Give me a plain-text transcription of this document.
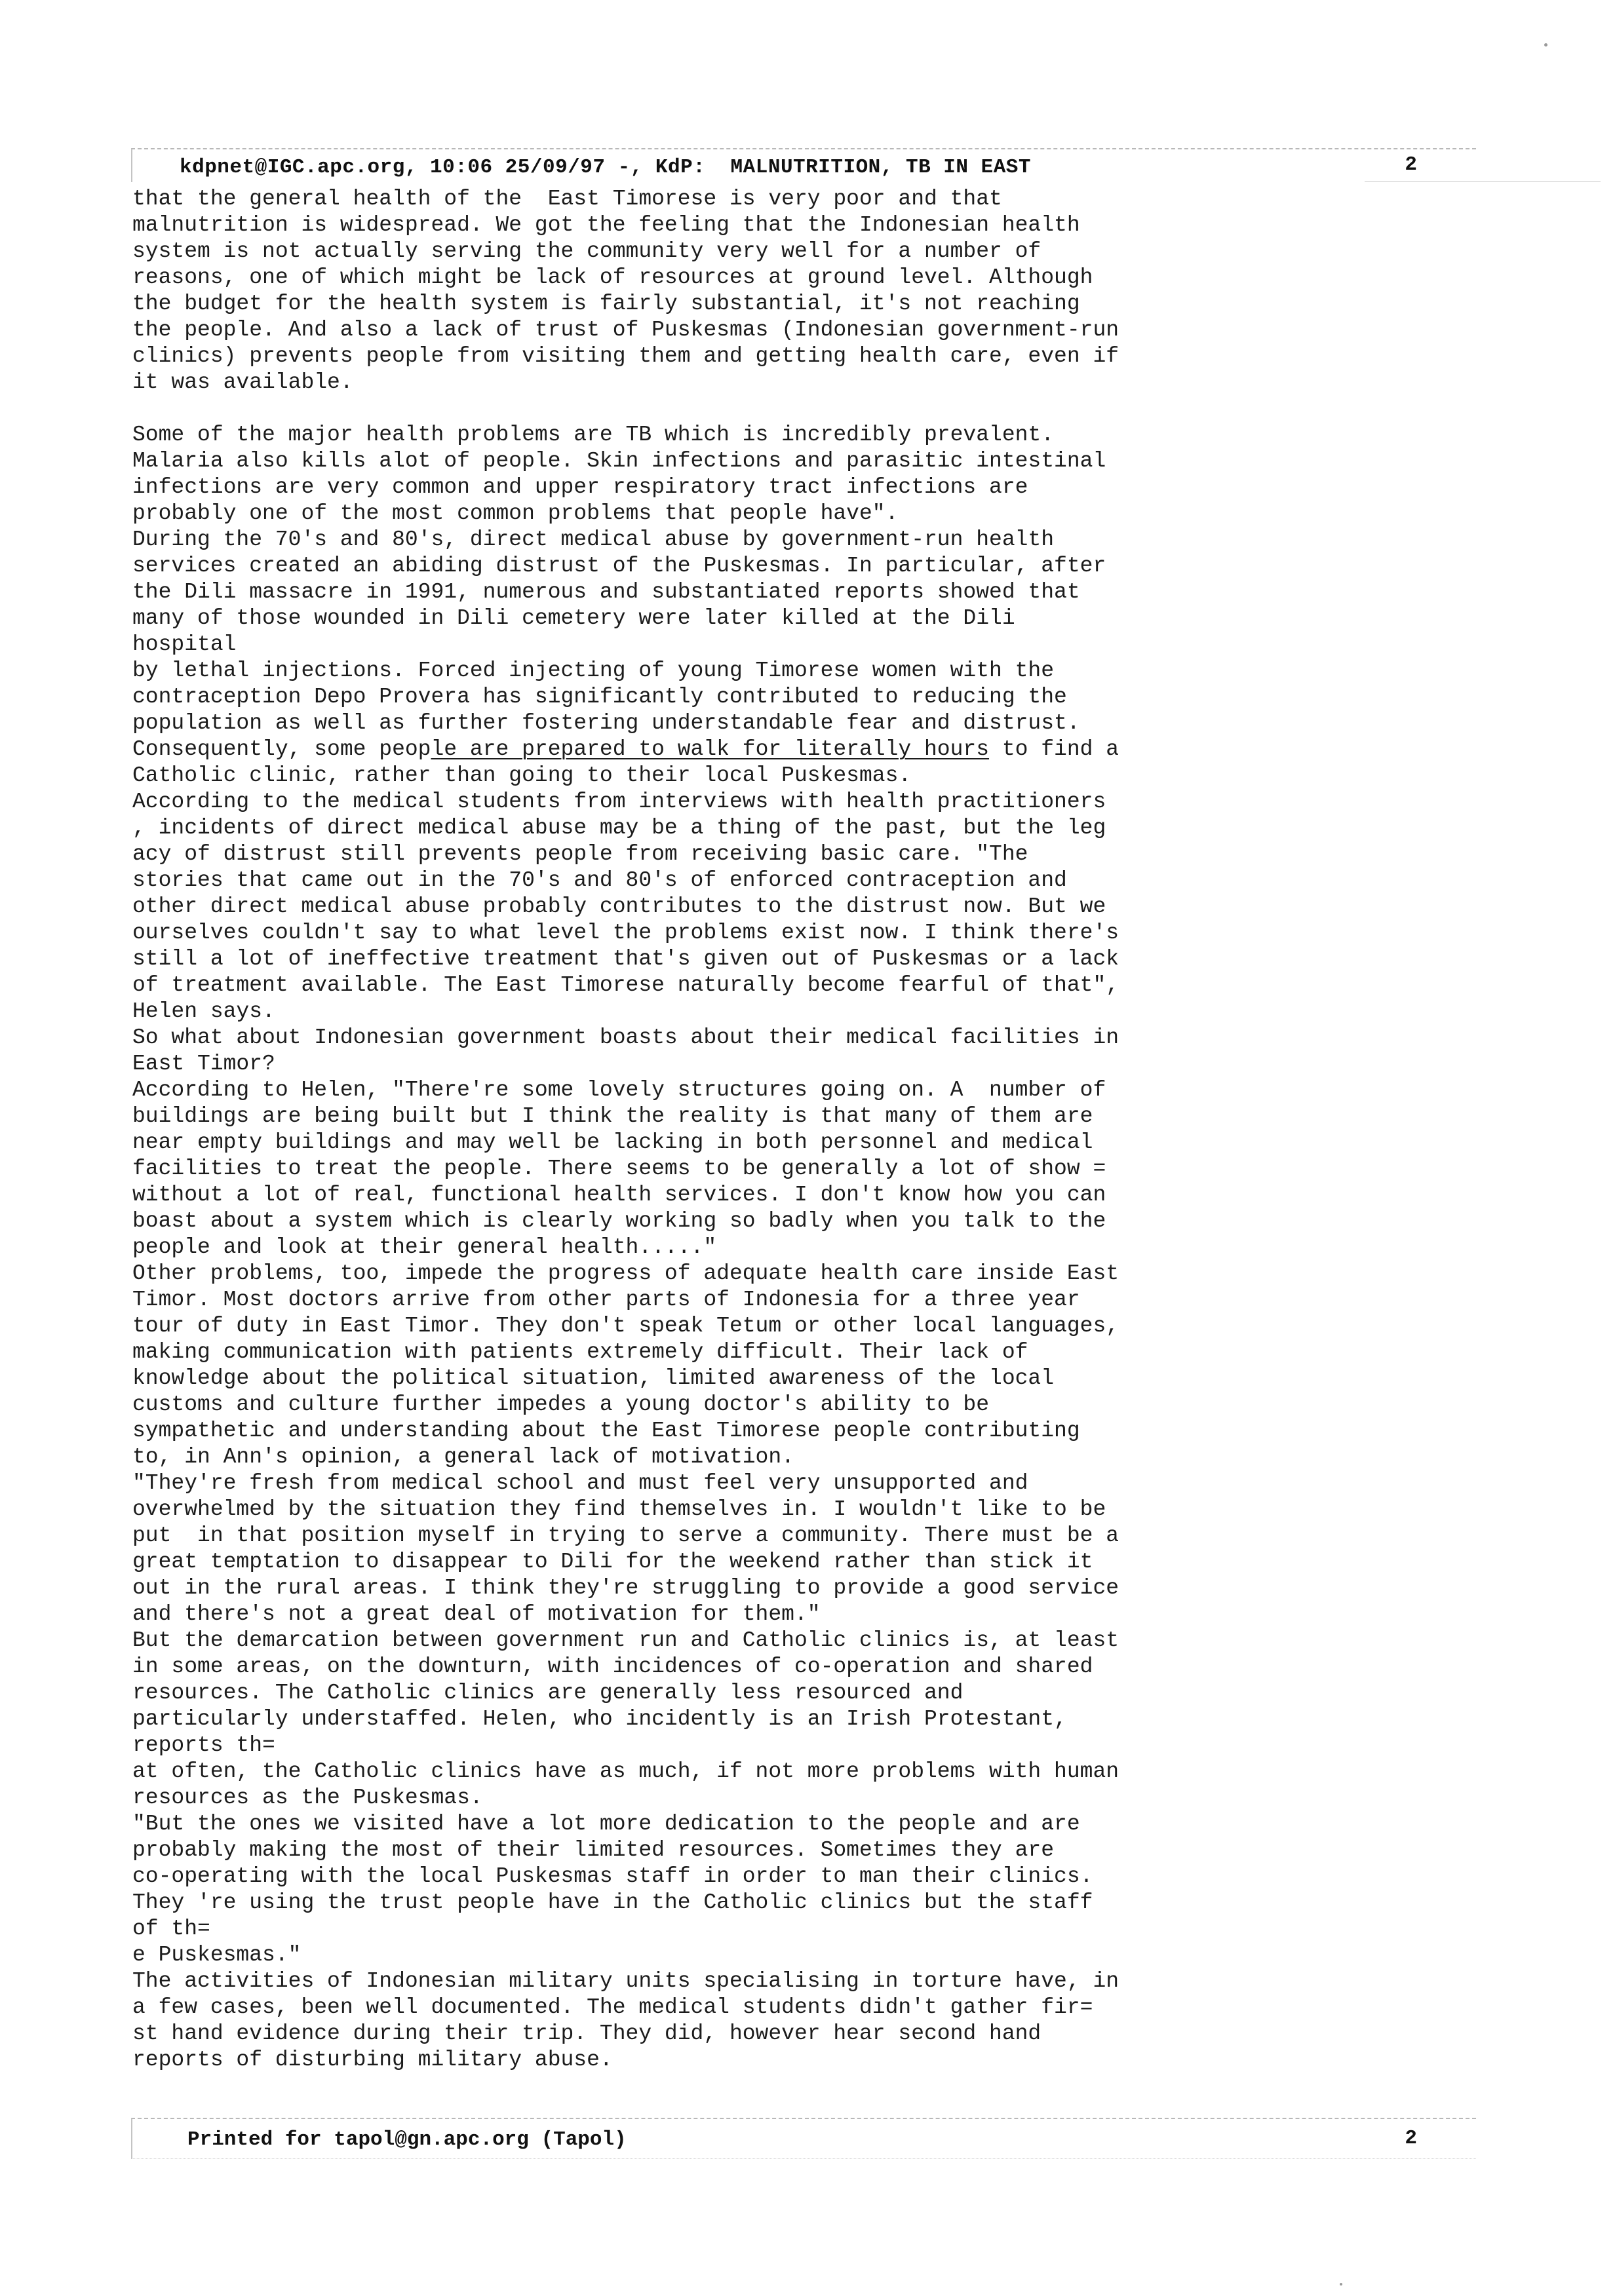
kdpnet@IGC.apc.org, 10:06 25/09/97 -, KdP:  MALNUTRITION, TB IN EAST	2
that the general health of the  East Timorese is very poor and that
malnutrition is widespread. We got the feeling that the Indonesian health
system is not actually serving the community very well for a number of
reasons, one of which might be lack of resources at ground level. Although
the budget for the health system is fairly substantial, it's not reaching
the people. And also a lack of trust of Puskesmas (Indonesian government-run
clinics) prevents people from visiting them and getting health care, even if
it was available.

Some of the major health problems are TB which is incredibly prevalent.
Malaria also kills alot of people. Skin infections and parasitic intestinal
infections are very common and upper respiratory tract infections are
probably one of the most common problems that people have".
During the 70's and 80's, direct medical abuse by government-run health
services created an abiding distrust of the Puskesmas. In particular, after
the Dili massacre in 1991, numerous and substantiated reports showed that
many of those wounded in Dili cemetery were later killed at the Dili
hospital
by lethal injections. Forced injecting of young Timorese women with the
contraception Depo Provera has significantly contributed to reducing the
population as well as further fostering understandable fear and distrust.
Consequently, some people are prepared to walk for literally hours to find a
Catholic clinic, rather than going to their local Puskesmas.
According to the medical students from interviews with health practitioners
, incidents of direct medical abuse may be a thing of the past, but the leg
acy of distrust still prevents people from receiving basic care. "The
stories that came out in the 70's and 80's of enforced contraception and
other direct medical abuse probably contributes to the distrust now. But we
ourselves couldn't say to what level the problems exist now. I think there's
still a lot of ineffective treatment that's given out of Puskesmas or a lack
of treatment available. The East Timorese naturally become fearful of that",
Helen says.
So what about Indonesian government boasts about their medical facilities in
East Timor?
According to Helen, "There're some lovely structures going on. A  number of
buildings are being built but I think the reality is that many of them are
near empty buildings and may well be lacking in both personnel and medical
facilities to treat the people. There seems to be generally a lot of show =
without a lot of real, functional health services. I don't know how you can
boast about a system which is clearly working so badly when you talk to the
people and look at their general health....."
Other problems, too, impede the progress of adequate health care inside East
Timor. Most doctors arrive from other parts of Indonesia for a three year
tour of duty in East Timor. They don't speak Tetum or other local languages,
making communication with patients extremely difficult. Their lack of
knowledge about the political situation, limited awareness of the local
customs and culture further impedes a young doctor's ability to be
sympathetic and understanding about the East Timorese people contributing
to, in Ann's opinion, a general lack of motivation.
"They're fresh from medical school and must feel very unsupported and
overwhelmed by the situation they find themselves in. I wouldn't like to be
put  in that position myself in trying to serve a community. There must be a
great temptation to disappear to Dili for the weekend rather than stick it
out in the rural areas. I think they're struggling to provide a good service
and there's not a great deal of motivation for them."
But the demarcation between government run and Catholic clinics is, at least
in some areas, on the downturn, with incidences of co-operation and shared
resources. The Catholic clinics are generally less resourced and
particularly understaffed. Helen, who incidently is an Irish Protestant,
reports th=
at often, the Catholic clinics have as much, if not more problems with human
resources as the Puskesmas.
"But the ones we visited have a lot more dedication to the people and are
probably making the most of their limited resources. Sometimes they are
co-operating with the local Puskesmas staff in order to man their clinics.
They 're using the trust people have in the Catholic clinics but the staff
of th=
e Puskesmas."
The activities of Indonesian military units specialising in torture have, in
a few cases, been well documented. The medical students didn't gather fir=
st hand evidence during their trip. They did, however hear second hand
reports of disturbing military abuse.
Printed for tapol@gn.apc.org (Tapol)	2
